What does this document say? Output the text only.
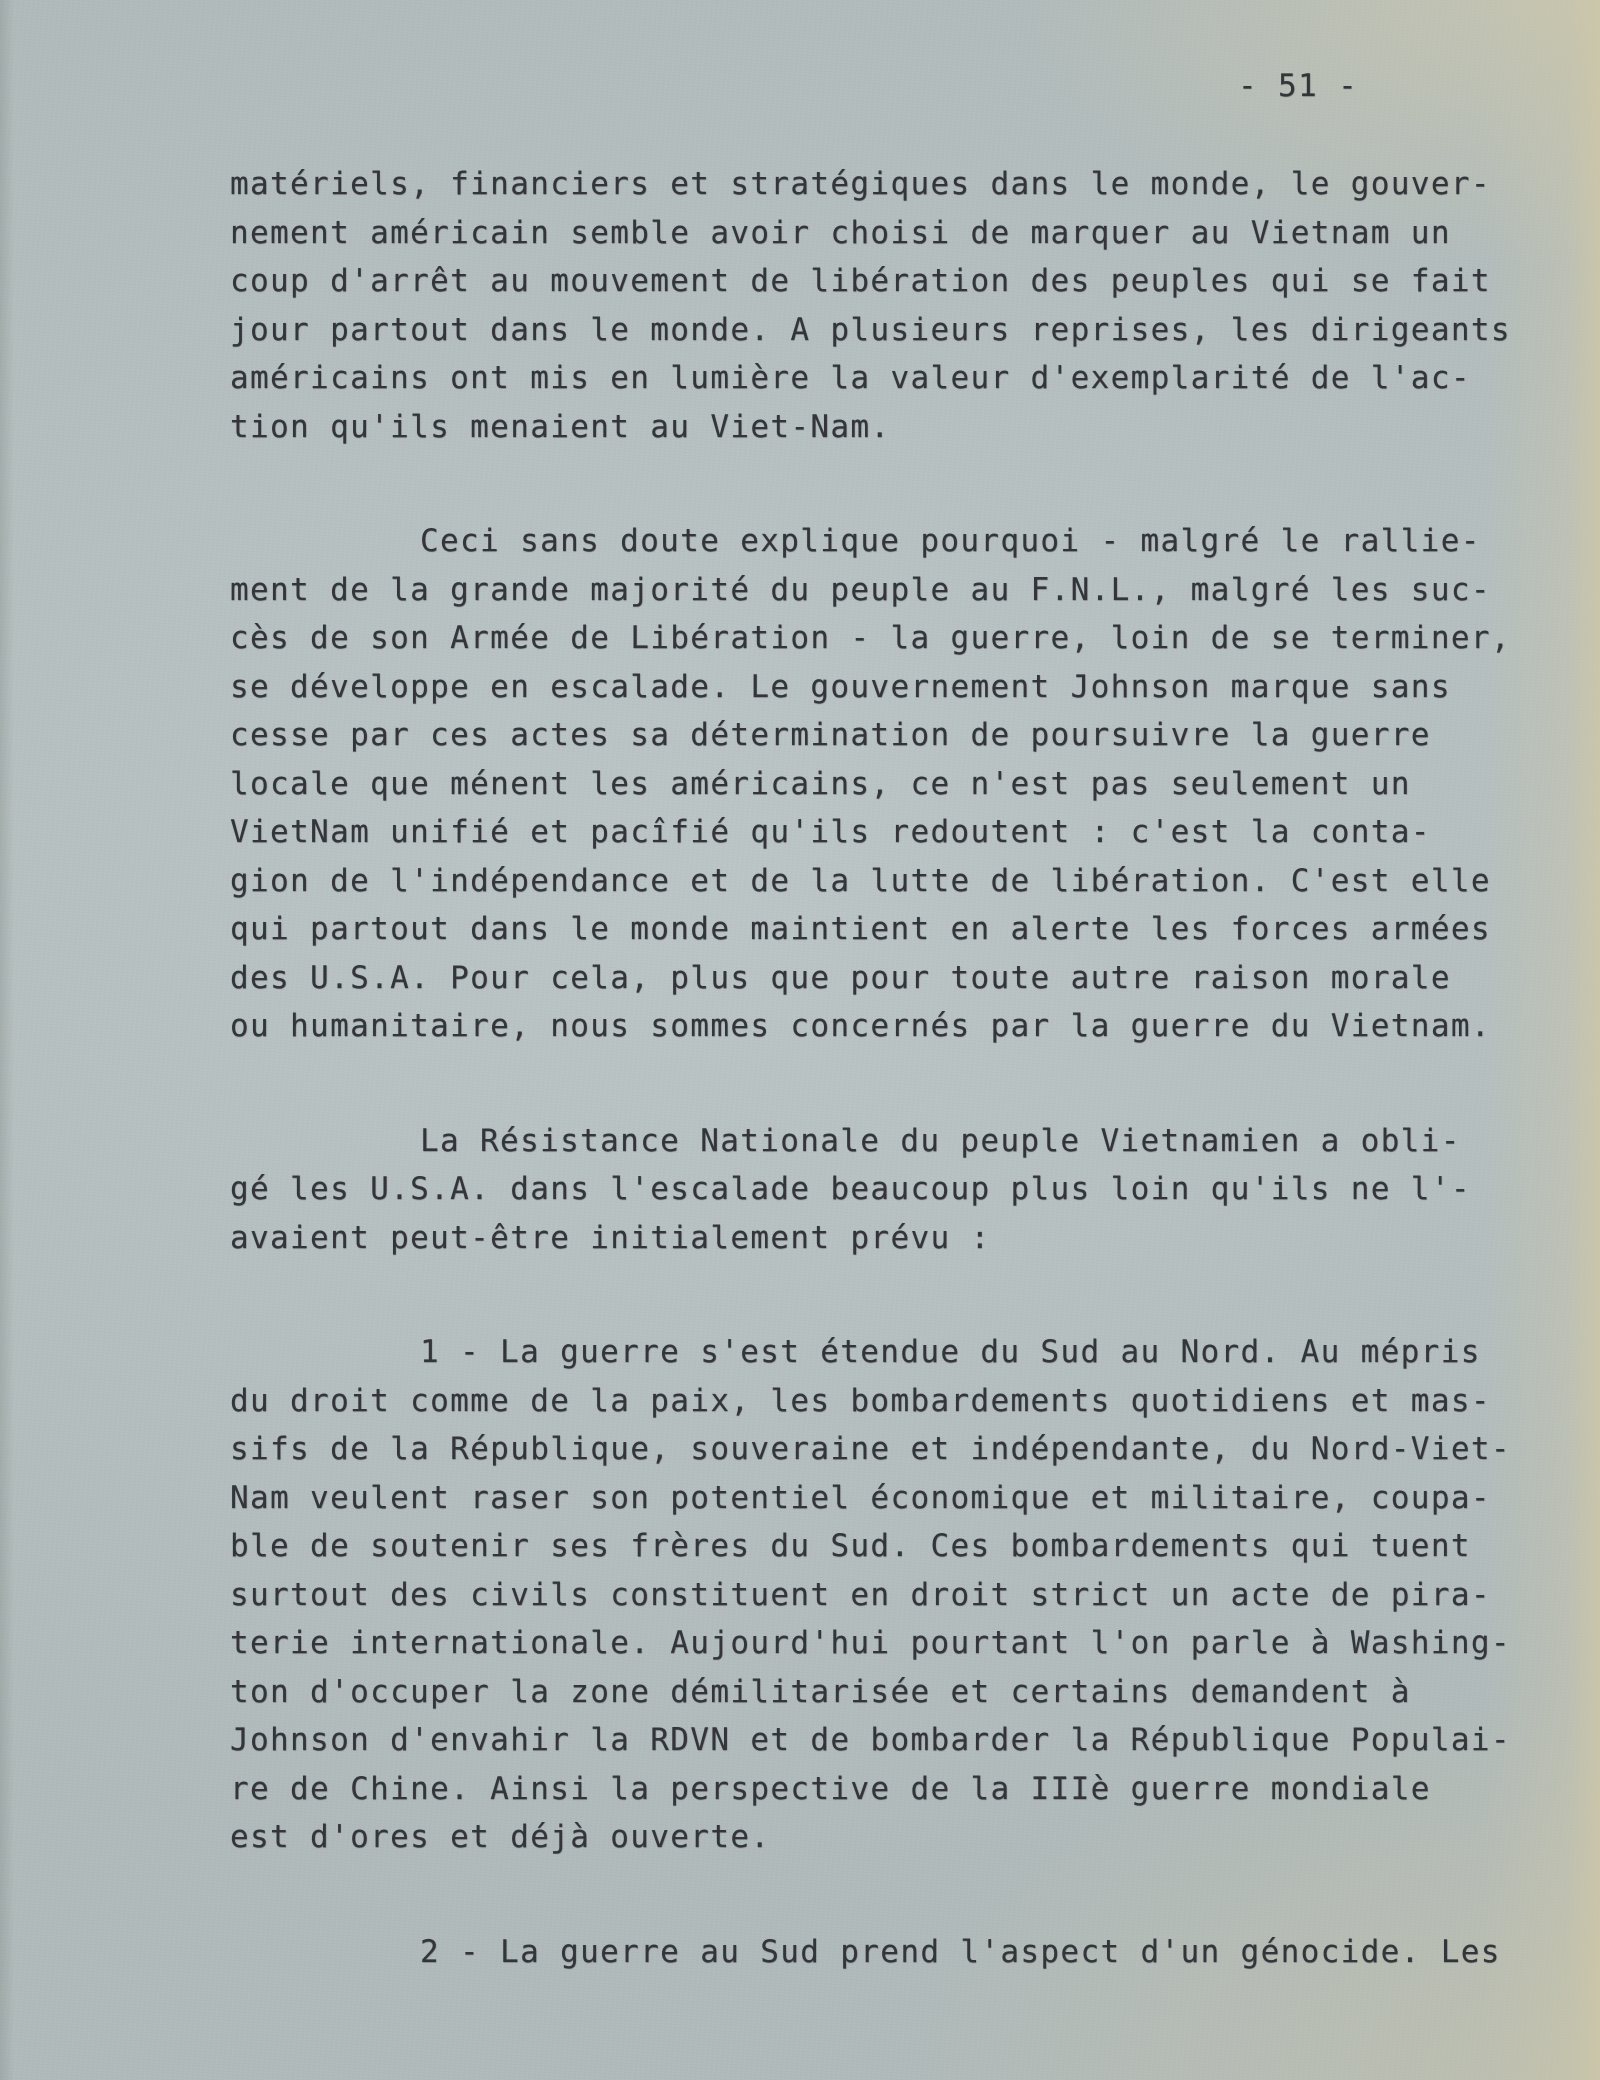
- 51 -

matériels, financiers et stratégiques dans le monde, le gouver-
nement américain semble avoir choisi de marquer au Vietnam un
coup d'arrêt au mouvement de libération des peuples qui se fait
jour partout dans le monde. A plusieurs reprises, les dirigeants
américains ont mis en lumière la valeur d'exemplarité de l'ac-
tion qu'ils menaient au Viet-Nam.

Ceci sans doute explique pourquoi - malgré le rallie-
ment de la grande majorité du peuple au F.N.L., malgré les suc-
cès de son Armée de Libération - la guerre, loin de se terminer,
se développe en escalade. Le gouvernement Johnson marque sans
cesse par ces actes sa détermination de poursuivre la guerre
locale que ménent les américains, ce n'est pas seulement un
VietNam unifié et pacîfié qu'ils redoutent : c'est la conta-
gion de l'indépendance et de la lutte de libération. C'est elle
qui partout dans le monde maintient en alerte les forces armées
des U.S.A. Pour cela, plus que pour toute autre raison morale
ou humanitaire, nous sommes concernés par la guerre du Vietnam.

La Résistance Nationale du peuple Vietnamien a obli-
gé les U.S.A. dans l'escalade beaucoup plus loin qu'ils ne l'-
avaient peut-être initialement prévu :

1 - La guerre s'est étendue du Sud au Nord. Au mépris
du droit comme de la paix, les bombardements quotidiens et mas-
sifs de la République, souveraine et indépendante, du Nord-Viet-
Nam veulent raser son potentiel économique et militaire, coupa-
ble de soutenir ses frères du Sud. Ces bombardements qui tuent
surtout des civils constituent en droit strict un acte de pira-
terie internationale. Aujourd'hui pourtant l'on parle à Washing-
ton d'occuper la zone démilitarisée et certains demandent à
Johnson d'envahir la RDVN et de bombarder la République Populai-
re de Chine. Ainsi la perspective de la IIIè guerre mondiale
est d'ores et déjà ouverte.

2 - La guerre au Sud prend l'aspect d'un génocide. Les
